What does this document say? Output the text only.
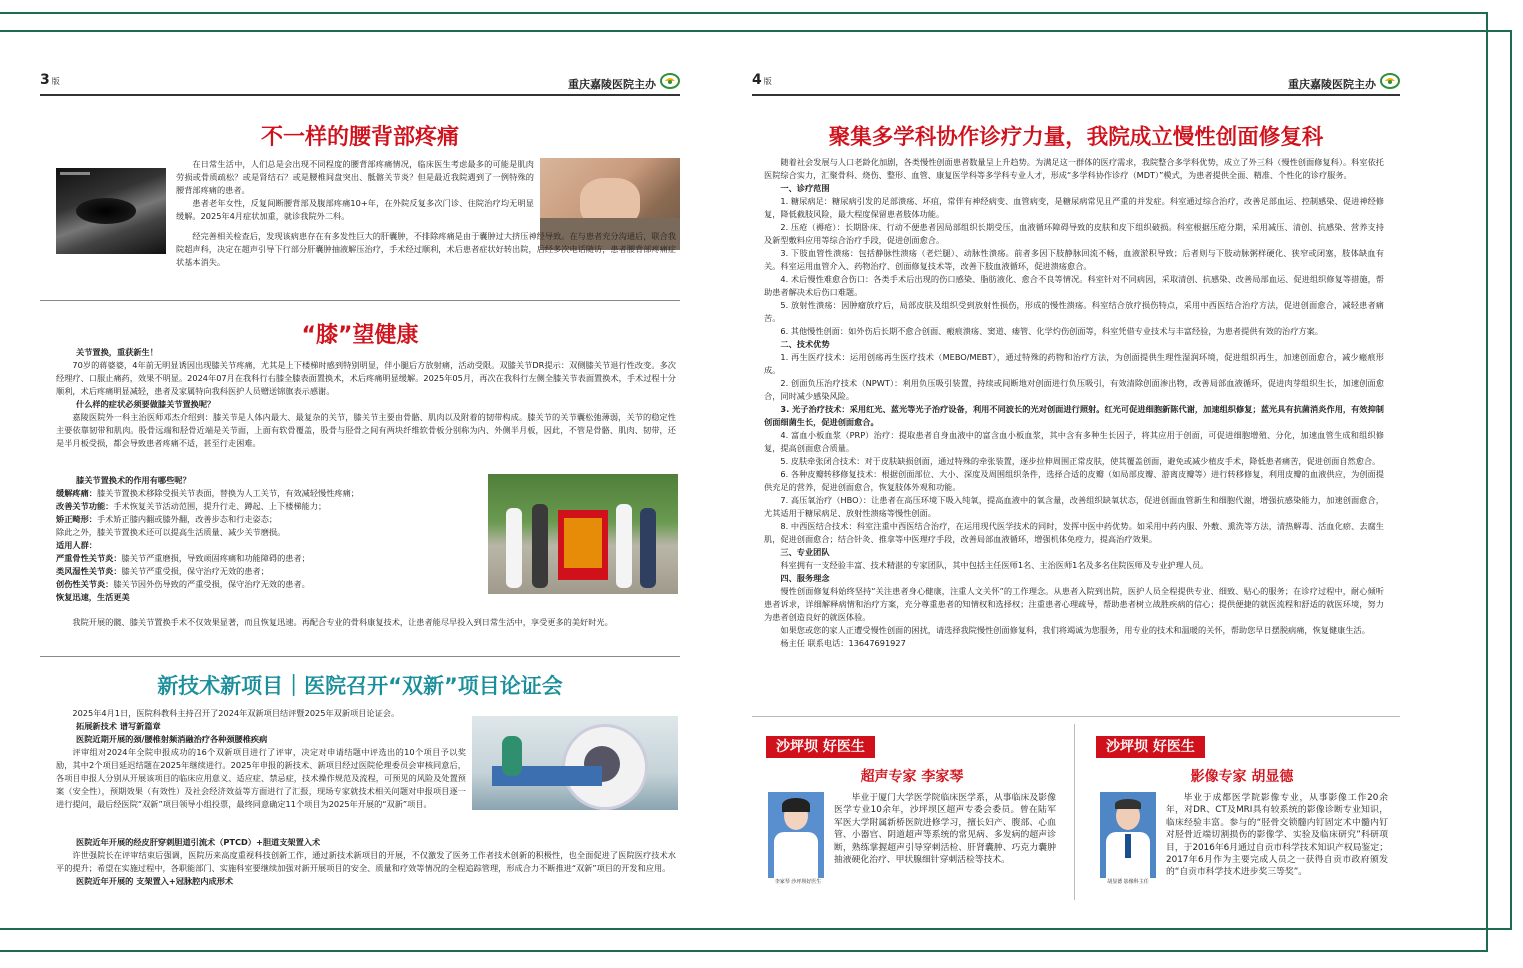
3 版	重庆嘉陵医院主办
不一样的腰背部疼痛

在日常生活中，人们总是会出现不同程度的腰背部疼痛情况，临床医生考虑最多的可能是肌肉劳损或骨质疏松？或是肾结石？或是腰椎间盘突出、骶髂关节炎？但是最近我院遇到了一例特殊的腰背部疼痛的患者。

患者老年女性，反复间断腰背部及腹部疼痛10+年，在外院反复多次门诊、住院治疗均无明显缓解。2025年4月症状加重，就诊我院外二科。

经完善相关检查后，发现该病患存在有多发性巨大的肝囊肿，不排除疼痛是由于囊肿过大挤压神经导致。在与患者充分沟通后，联合我院超声科，决定在超声引导下行部分肝囊肿抽液解压治疗，手术经过顺利，术后患者症状好转出院，后经多次电话随访，患者腰背部疼痛症状基本消失。

“膝”望健康

关节置换，重获新生！

70岁的蒋婆婆，4年前无明显诱因出现膝关节疼痛，尤其是上下楼梯时感到特别明显，伴小腿后方放射痛，活动受限。双膝关节DR提示：双侧膝关节退行性改变。多次经理疗、口服止痛药，效果不明显。2024年07月在我科行右膝全膝表面置换术，术后疼痛明显缓解。2025年05月，再次在我科行左侧全膝关节表面置换术，手术过程十分顺利，术后疼痛明显减轻，患者及家属特向我科医护人员赠送锦旗表示感谢。

什么样的症状必须要做膝关节置换呢？

嘉陵医院外一科主治医师邓杰介绍到：膝关节是人体内最大、最复杂的关节，膝关节主要由骨骼、肌肉以及附着的韧带构成。膝关节的关节囊松弛薄弱，关节的稳定性主要依靠韧带和肌肉。股骨远端和胫骨近端是关节面，上面有软骨覆盖，股骨与胫骨之间有两块纤维软骨板分别称为内、外侧半月板，因此，不管是骨骼、肌肉、韧带，还是半月板受损，都会导致患者疼痛不适，甚至行走困难。

膝关节置换术的作用有哪些呢？

缓解疼痛：膝关节置换术移除受损关节表面，替换为人工关节，有效减轻慢性疼痛；

改善关节功能：手术恢复关节活动范围，提升行走、蹲起、上下楼梯能力；

矫正畸形：手术矫正膝内翻或膝外翻，改善步态和行走姿态；

除此之外，膝关节置换术还可以提高生活质量、减少关节磨损。

适用人群：

严重骨性关节炎：膝关节严重磨损，导致顽固疼痛和功能障碍的患者；

类风湿性关节炎：膝关节严重受损，保守治疗无效的患者；

创伤性关节炎：膝关节因外伤导致的严重受损，保守治疗无效的患者。

恢复迅速，生活更美

我院开展的髋、膝关节置换手术不仅效果显著，而且恢复迅速。再配合专业的骨科康复技术，让患者能尽早投入到日常生活中，享受更多的美好时光。

新技术新项目｜医院召开“双新”项目论证会

2025年4月1日，医院科教科主持召开了2024年双新项目结评暨2025年双新项目论证会。

拓展新技术 谱写新篇章

医院近期开展的颈/腰椎射频消融治疗各种颈腰椎疾病

评审组对2024年全院申报成功的16个双新项目进行了评审，决定对申请结题中评选出的10个项目予以奖励，其中2个项目延迟结题在2025年继续进行。2025年申报的新技术、新项目经过医院伦理委员会审核同意后，各项目申报人分别从开展该项目的临床应用意义、适应症、禁忌症，技术操作规范及流程，可预见的风险及处置预案（安全性），预期效果（有效性）及社会经济效益等方面进行了汇报，现场专家就技术相关问题对申报项目逐一进行提问，最后经医院“双新”项目领导小组投票，最终同意确定11个项目为2025年开展的“双新”项目。

医院近年开展的经皮肝穿刺胆道引流术（PTCD）+胆道支架置入术

许世强院长在评审结束后强调，医院历来高度重视科技创新工作，通过新技术新项目的开展，不仅激发了医务工作者技术创新的积极性，也全面促进了医院医疗技术水平的提升；希望在实施过程中，各职能部门、实施科室要继续加强对新开展项目的安全、质量和疗效等情况的全程追踪管理，形成合力不断推进“双新”项目的开发和应用。

医院近年开展的 支架置入+冠脉腔内成形术

4 版	重庆嘉陵医院主办
聚集多学科协作诊疗力量，我院成立慢性创面修复科

随着社会发展与人口老龄化加剧，各类慢性创面患者数量呈上升趋势。为满足这一群体的医疗需求，我院整合多学科优势，成立了外三科（慢性创面修复科）。科室依托医院综合实力，汇聚骨科、烧伤、整形、血管、康复医学科等多学科专业人才，形成“多学科协作诊疗（MDT）”模式，为患者提供全面、精准、个性化的诊疗服务。

一、诊疗范围

1. 糖尿病足：糖尿病引发的足部溃疡、坏疽，常伴有神经病变、血管病变，是糖尿病常见且严重的并发症。科室通过综合治疗，改善足部血运、控制感染、促进神经修复，降低截肢风险，最大程度保留患者肢体功能。

2. 压疮（褥疮）：长期卧床、行动不便患者因局部组织长期受压，血液循环障碍导致的皮肤和皮下组织破损。科室根据压疮分期，采用减压、清创、抗感染、营养支持及新型敷料应用等综合治疗手段，促进创面愈合。

3. 下肢血管性溃疡：包括静脉性溃疡（老烂腿）、动脉性溃疡。前者多因下肢静脉回流不畅，血液淤积导致；后者则与下肢动脉粥样硬化、狭窄或闭塞，肢体缺血有关。科室运用血管介入、药物治疗、创面修复技术等，改善下肢血液循环，促进溃疡愈合。

4. 术后慢性难愈合伤口：各类手术后出现的伤口感染、脂肪液化、愈合不良等情况。科室针对不同病因，采取清创、抗感染、改善局部血运、促进组织修复等措施，帮助患者解决术后伤口难题。

5. 放射性溃疡：因肿瘤放疗后，局部皮肤及组织受到放射性损伤，形成的慢性溃疡。科室结合放疗损伤特点，采用中西医结合治疗方法，促进创面愈合，减轻患者痛苦。

6. 其他慢性创面：如外伤后长期不愈合创面、瘢痕溃疡、窦道、瘘管、化学灼伤创面等，科室凭借专业技术与丰富经验，为患者提供有效的治疗方案。

二、技术优势

1. 再生医疗技术：运用创疡再生医疗技术（MEBO/MEBT），通过特殊的药物和治疗方法，为创面提供生理性湿润环境，促进组织再生，加速创面愈合，减少瘢痕形成。

2. 创面负压治疗技术（NPWT）：利用负压吸引装置，持续或间断地对创面进行负压吸引，有效清除创面渗出物，改善局部血液循环，促进肉芽组织生长，加速创面愈合，同时减少感染风险。

3. 光子治疗技术：采用红光、蓝光等光子治疗设备，利用不同波长的光对创面进行照射。红光可促进细胞新陈代谢，加速组织修复；蓝光具有抗菌消炎作用，有效抑制创面细菌生长，促进创面愈合。

4. 富血小板血浆（PRP）治疗：提取患者自身血液中的富含血小板血浆，其中含有多种生长因子，将其应用于创面，可促进细胞增殖、分化，加速血管生成和组织修复，提高创面愈合质量。

5. 皮肤牵张闭合技术：对于皮肤缺损创面，通过特殊的牵张装置，逐步拉伸周围正常皮肤，使其覆盖创面，避免或减少植皮手术，降低患者痛苦，促进创面自然愈合。

6. 各种皮瓣转移修复技术：根据创面部位、大小、深度及周围组织条件，选择合适的皮瓣（如局部皮瓣、游离皮瓣等）进行转移修复，利用皮瓣的血液供应，为创面提供充足的营养，促进创面愈合，恢复肢体外观和功能。

7. 高压氧治疗（HBO）：让患者在高压环境下吸入纯氧，提高血液中的氧含量，改善组织缺氧状态，促进创面血管新生和细胞代谢，增强抗感染能力，加速创面愈合，尤其适用于糖尿病足、放射性溃疡等慢性创面。

8. 中西医结合技术：科室注重中西医结合治疗，在运用现代医学技术的同时，发挥中医中药优势。如采用中药内服、外敷、熏洗等方法，清热解毒、活血化瘀、去腐生肌，促进创面愈合；结合针灸、推拿等中医理疗手段，改善局部血液循环，增强机体免疫力，提高治疗效果。

三、专业团队

科室拥有一支经验丰富、技术精湛的专家团队，其中包括主任医师1名、主治医师1名及多名住院医师及专业护理人员。

四、服务理念

慢性创面修复科始终坚持“关注患者身心健康，注重人文关怀”的工作理念。从患者入院到出院，医护人员全程提供专业、细致、贴心的服务；在诊疗过程中，耐心倾听患者诉求，详细解释病情和治疗方案，充分尊重患者的知情权和选择权；注重患者心理疏导，帮助患者树立战胜疾病的信心；提供便捷的就医流程和舒适的就医环境，努力为患者创造良好的就医体验。

如果您或您的家人正遭受慢性创面的困扰，请选择我院慢性创面修复科，我们将竭诚为您服务，用专业的技术和温暖的关怀，帮助您早日摆脱病痛，恢复健康生活。

杨主任 联系电话：13647691927

沙坪坝 好医生
超声专家 李家琴
李家琴 沙坪坝好医生
毕业于厦门大学医学院临床医学系，从事临床及影像医学专业10余年，沙坪坝区超声专委会委员。曾在陆军军医大学附属新桥医院进修学习，擅长妇产、腹部、心血管、小器官、阴道超声等系统的常见病、多发病的超声诊断，熟练掌握超声引导穿刺活检、肝肾囊肿、巧克力囊肿抽液硬化治疗、甲状腺细针穿刺活检等技术。
沙坪坝 好医生
影像专家 胡显德
胡显德 影像科主任
毕业于成都医学院影像专业，从事影像工作20余年，对DR、CT及MRI具有较系统的影像诊断专业知识，临床经验丰富。参与的“胫骨交锁髓内钉固定术中髓内钉对胫骨近端切割损伤的影像学、实验及临床研究”科研项目，于2016年6月通过自贡市科学技术知识产权局鉴定；2017年6月作为主要完成人员之一获得自贡市政府颁发的“自贡市科学技术进步奖三等奖”。
